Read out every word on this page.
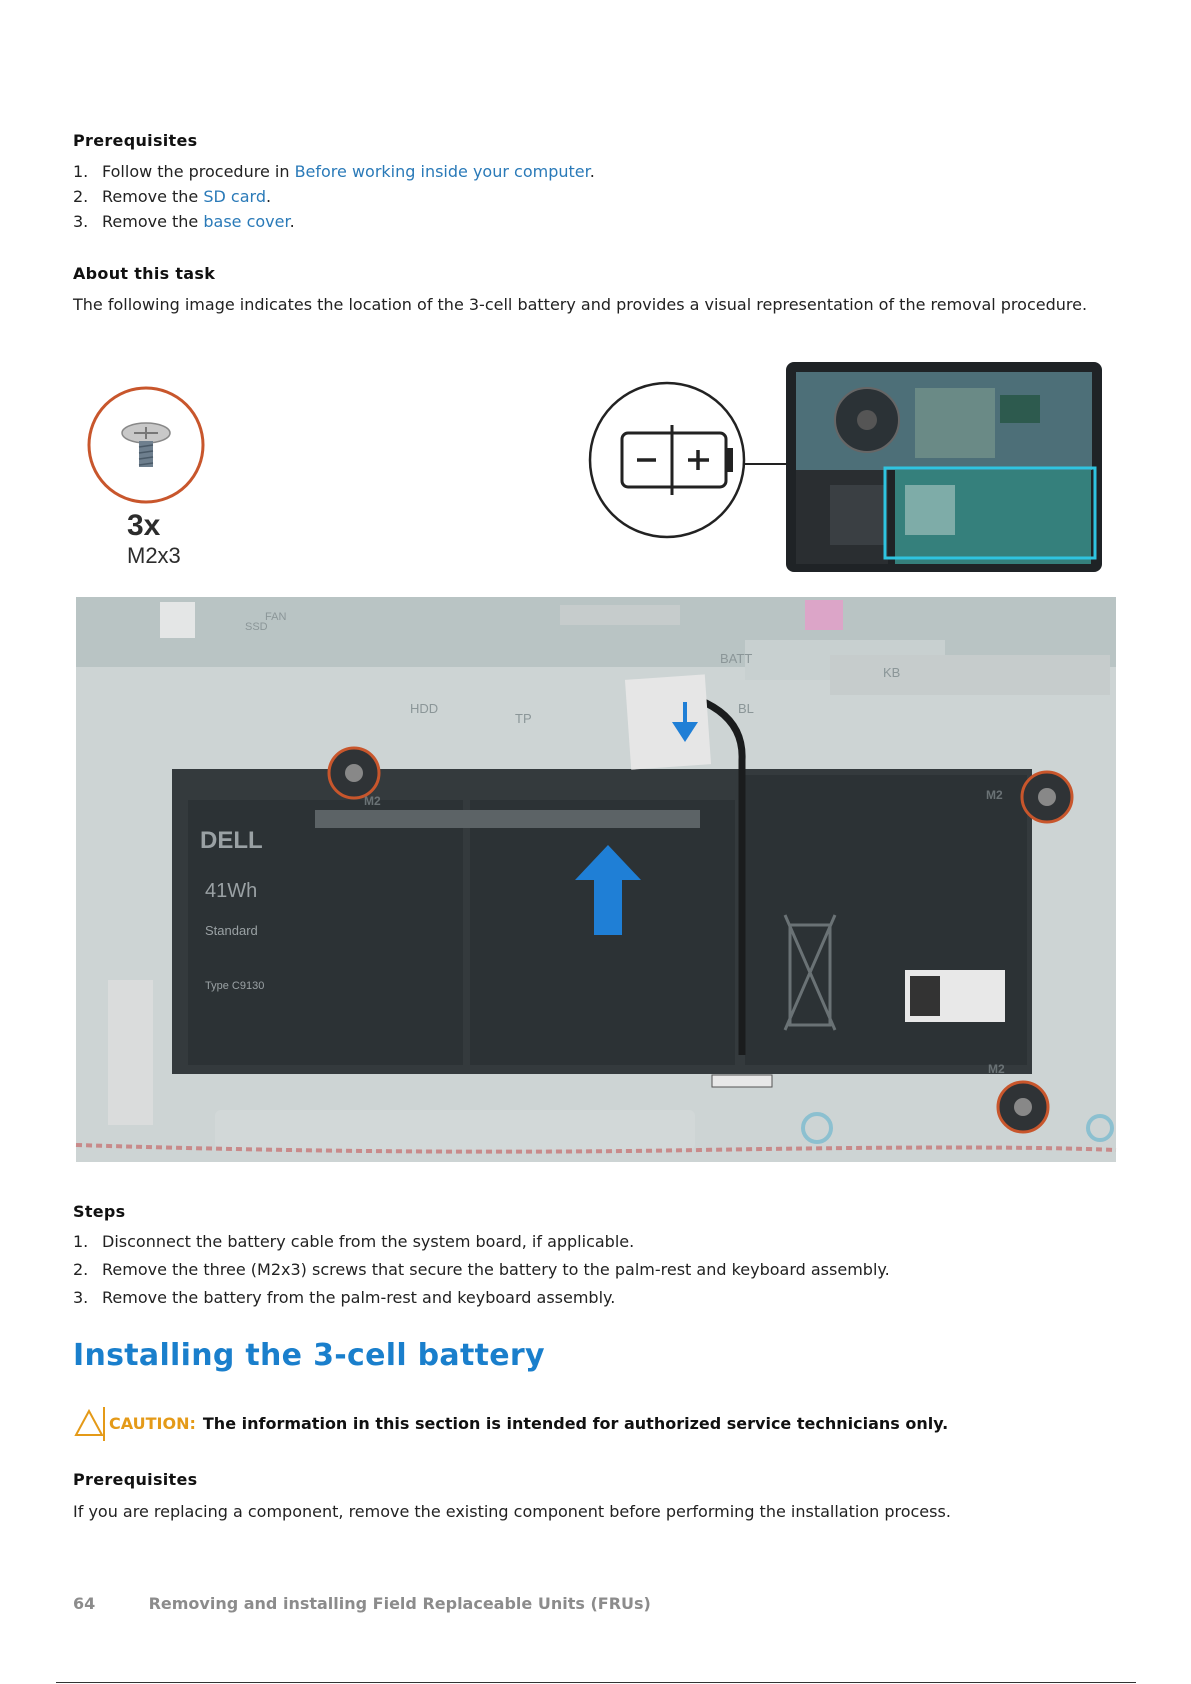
Prerequisites
1. Follow the procedure in Before working inside your computer.
2. Remove the SD card.
3. Remove the base cover.
About this task
The following image indicates the location of the 3-cell battery and provides a visual representation of the removal procedure.
3x
M2x3
DELL
41Wh
Standard
Type C9130
M2	M2
M2
HDD
TP
BL
KB
BATT
FAN
SSD
Steps
1. Disconnect the battery cable from the system board, if applicable.
2. Remove the three (M2x3) screws that secure the battery to the palm-rest and keyboard assembly.
3. Remove the battery from the palm-rest and keyboard assembly.
Installing the 3-cell battery
CAUTION: The information in this section is intended for authorized service technicians only.
Prerequisites
If you are replacing a component, remove the existing component before performing the installation process.
64	Removing and installing Field Replaceable Units (FRUs)
